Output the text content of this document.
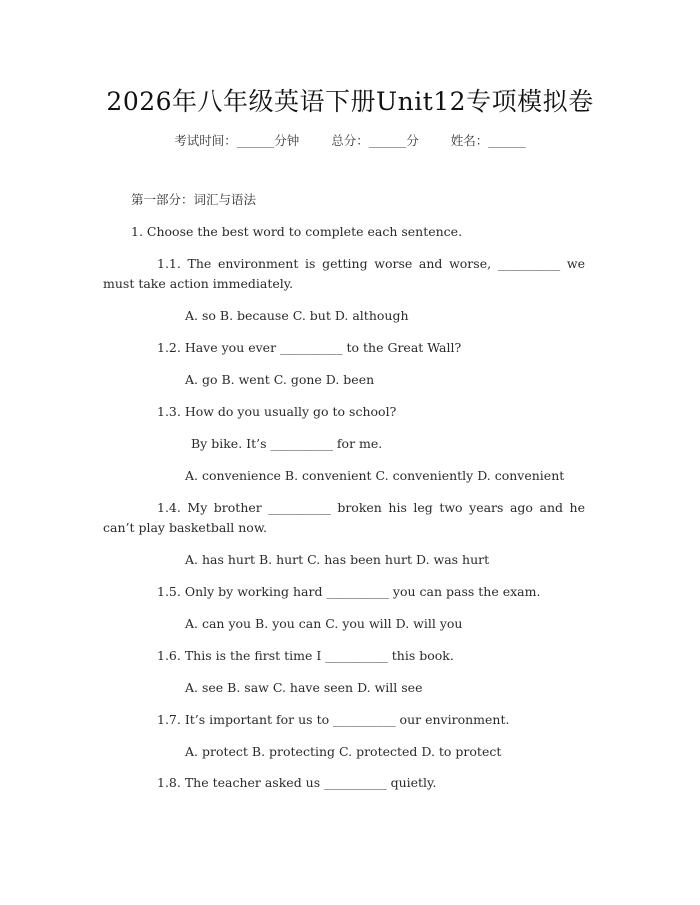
2026年八年级英语下册Unit12专项模拟卷
考试时间：______分钟	总分：______分	姓名：______
第一部分：词汇与语法
1. Choose the best word to complete each sentence.
1.1. The environment is getting worse and worse, __________ we must take action immediately.
A. so B. because C. but D. although
1.2. Have you ever __________ to the Great Wall?
A. go B. went C. gone D. been
1.3. How do you usually go to school?
By bike. It’s __________ for me.
A. convenience B. convenient C. conveniently D. convenient
1.4. My brother __________ broken his leg two years ago and he can’t play basketball now.
A. has hurt B. hurt C. has been hurt D. was hurt
1.5. Only by working hard __________ you can pass the exam.
A. can you B. you can C. you will D. will you
1.6. This is the first time I __________ this book.
A. see B. saw C. have seen D. will see
1.7. It’s important for us to __________ our environment.
A. protect B. protecting C. protected D. to protect
1.8. The teacher asked us __________ quietly.
